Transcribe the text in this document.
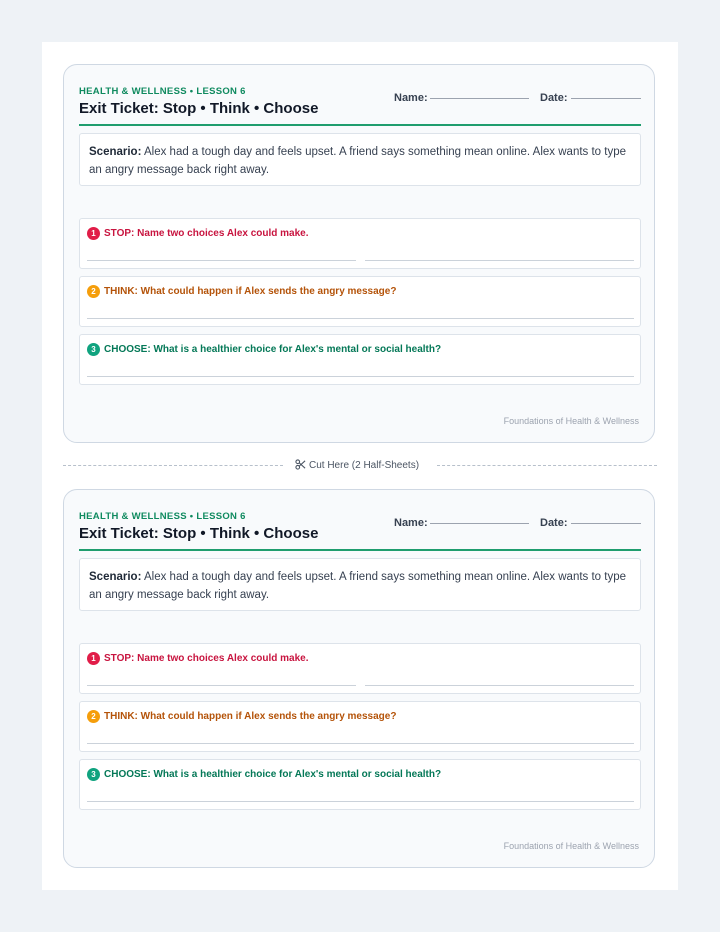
HEALTH & WELLNESS • LESSON 6
Exit Ticket: Stop • Think • Choose
Name:	Date:
Scenario: Alex had a tough day and feels upset. A friend says something mean online. Alex wants to type an angry message back right away.
1 STOP: Name two choices Alex could make.
2 THINK: What could happen if Alex sends the angry message?
3 CHOOSE: What is a healthier choice for Alex's mental or social health?
Foundations of Health & Wellness
Cut Here (2 Half-Sheets)
HEALTH & WELLNESS • LESSON 6
Exit Ticket: Stop • Think • Choose
Name:	Date:
Scenario: Alex had a tough day and feels upset. A friend says something mean online. Alex wants to type an angry message back right away.
1 STOP: Name two choices Alex could make.
2 THINK: What could happen if Alex sends the angry message?
3 CHOOSE: What is a healthier choice for Alex's mental or social health?
Foundations of Health & Wellness
